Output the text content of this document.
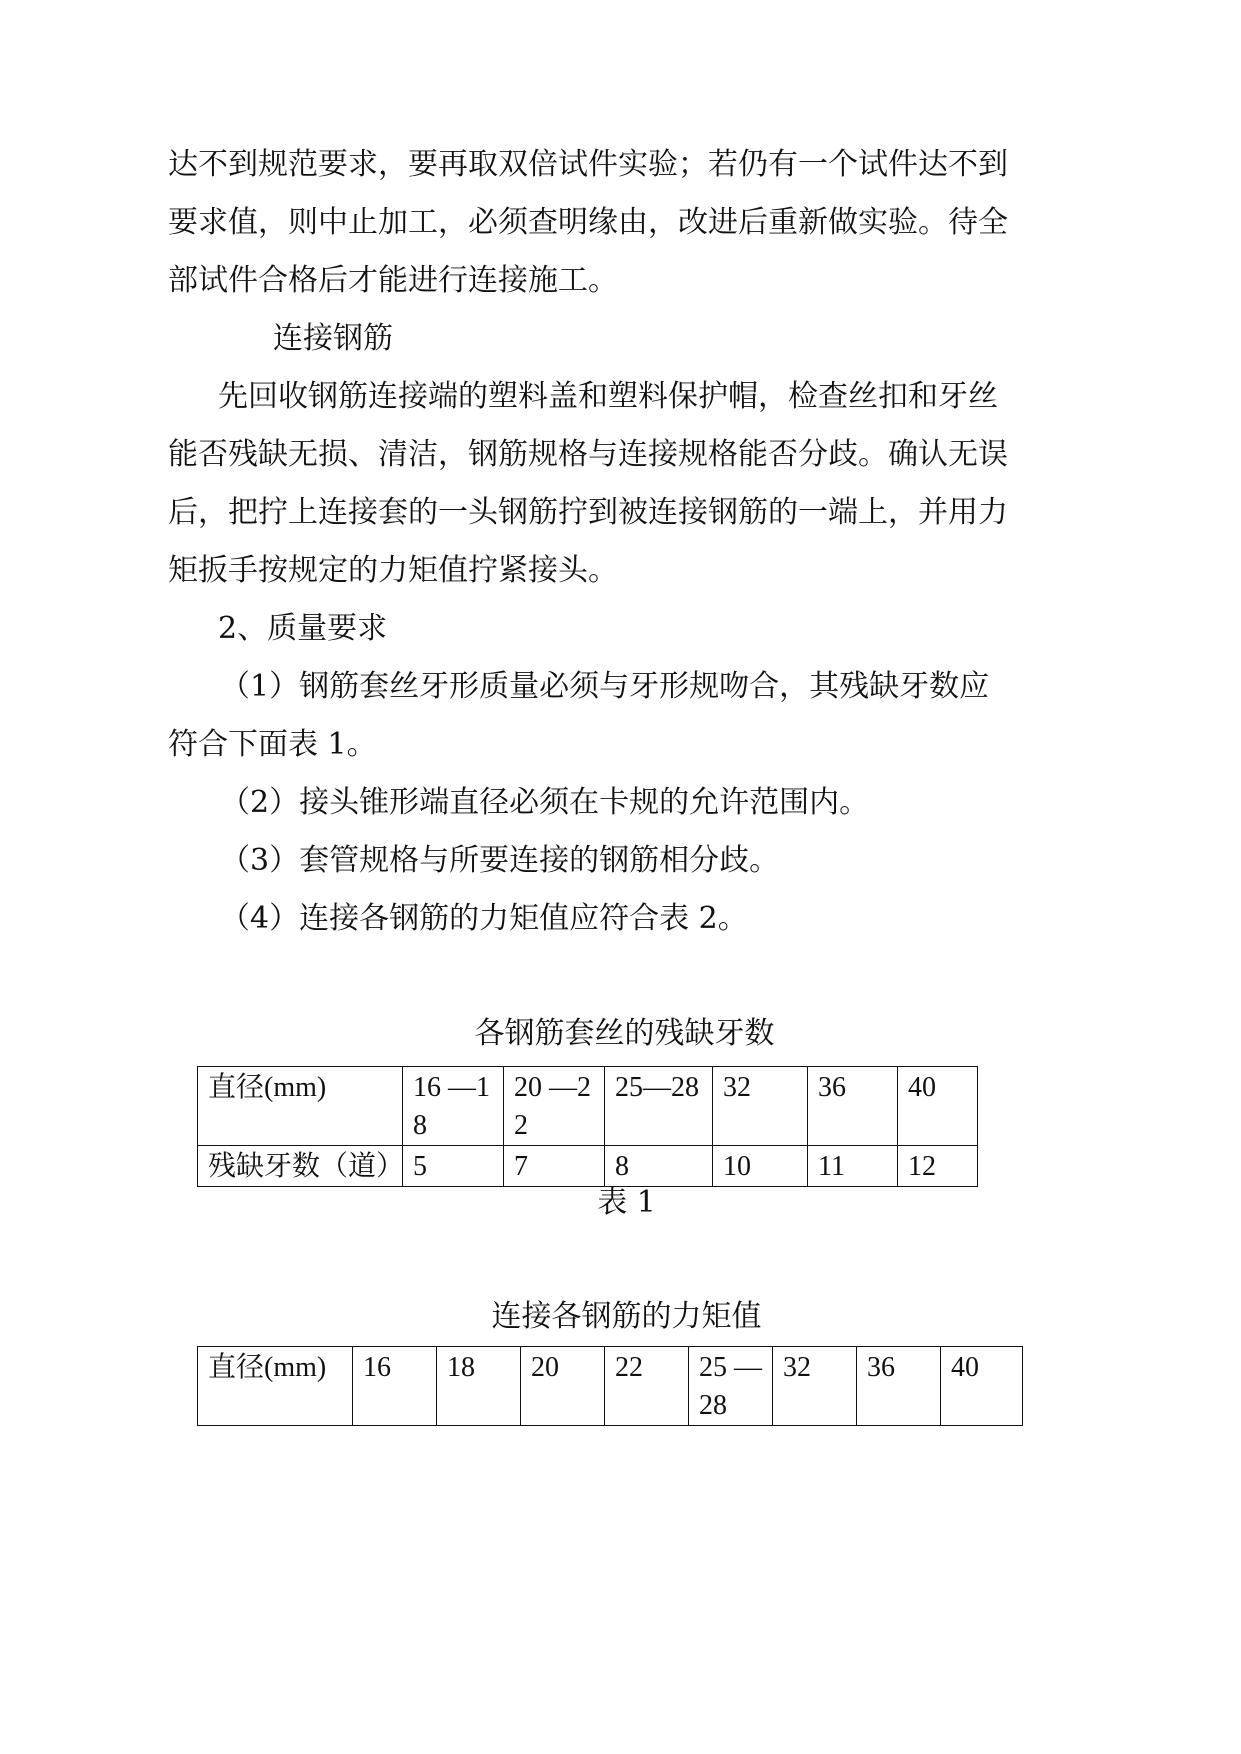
达不到规范要求，要再取双倍试件实验；若仍有一个试件达不到
要求值，则中止加工，必须查明缘由，改进后重新做实验。待全
部试件合格后才能进行连接施工。
连接钢筋
先回收钢筋连接端的塑料盖和塑料保护帽，检查丝扣和牙丝
能否残缺无损、清洁，钢筋规格与连接规格能否分歧。确认无误
后，把拧上连接套的一头钢筋拧到被连接钢筋的一端上，并用力
矩扳手按规定的力矩值拧紧接头。
2、质量要求
（1）钢筋套丝牙形质量必须与牙形规吻合，其残缺牙数应
符合下面表 1。
（2）接头锥形端直径必须在卡规的允许范围内。
（3）套管规格与所要连接的钢筋相分歧。
（4）连接各钢筋的力矩值应符合表 2。
各钢筋套丝的残缺牙数
直径(mm)	16 —18	20 —22	25—28	32	36	40
残缺牙数（道）	5	7	8	10	11	12
表 1
连接各钢筋的力矩值
直径(mm)	16	18	20	22	25 —28	32	36	40
